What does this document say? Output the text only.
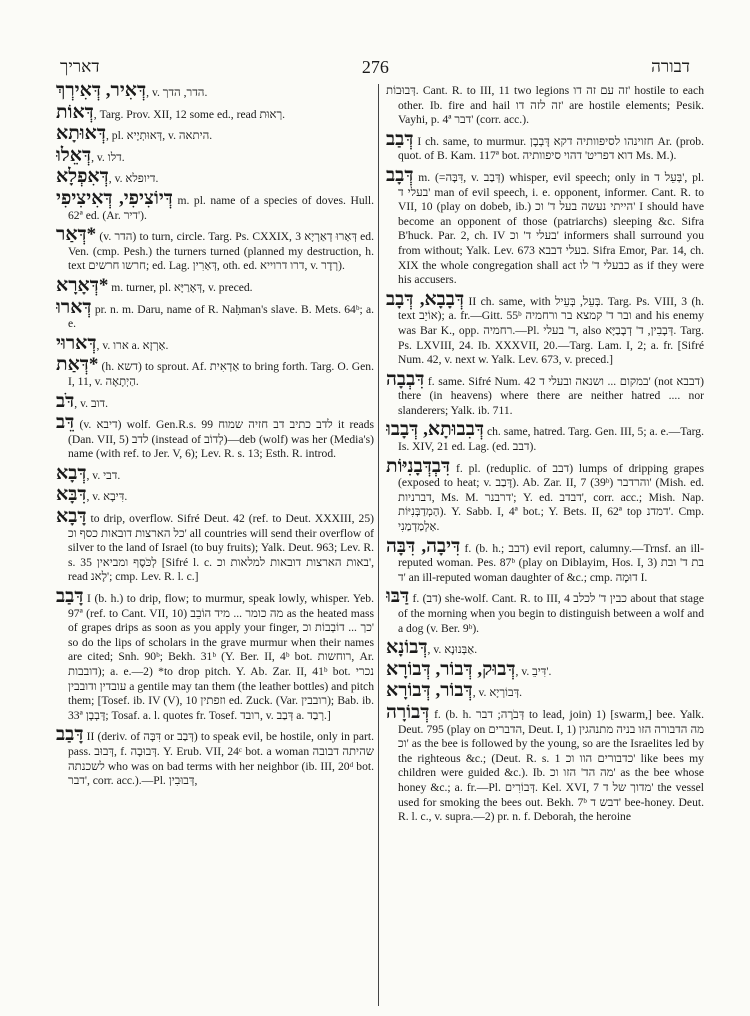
דאריך	276	דבורה

דְּאִיר, דְּאִירְךְ, v. הדר, הדך.

דְּאוֹת, Targ. Prov. XII, 12 some ed., read רְאוּת.

דְּאוּתָא, pl. דְּאוּתְיָיא, v. היתאה.

דְּאֵלוּ, v. דלו.

דְּאִפְלָא, v. דיופלא.

דְּיוֹצִיפִי, דְּאִיצִיפִי m. pl. name of a species of doves. Hull. 62ª ed. (Ar. דיר').

*דְּאַר (v. הדר) to turn, circle. Targ. Ps. CXXIX, 3 דְּאַרוּ דְאַרְיָא ed. Ven. (cmp. Pesh.) the turners turned (planned my destruction, h. text חרשו חרשים; ed. Lag. דְּאַרִין, oth. ed. דרו דרוייא, v. רְדָר).

*דְּאָרָא m. turner, pl. דְּאָרַיָּא, v. preced.

דְּארוּ pr. n. m. Daru, name of R. Naḥman's slave. B. Mets. 64ᵇ; a. e.

דְּארוּי, v. ארו a. אַרְזָא.

*דְּאַת (h. דשא) to sprout. Af. אַדְאִית to bring forth. Targ. O. Gen. I, 11, v. הַיְתָאָה.

דֹּב, v. דוב.

דֵּב (v. דיבא) wolf. Gen.R.s. 99 לדב כתיב דב חזיה שמוח it reads (Dan. VII, 5) לדב (instead of לְדוֹב)—deb (wolf) was her (Media's) name (with ref. to Jer. V, 6); Lev. R. s. 13; Esth. R. introd.

דְּבָא, v. דבי.

דִּבָּא, v. דִּיבָא.

דָּבָא to drip, overflow. Sifré Deut. 42 (ref. to Deut. XXXIII, 25) כל הארצות דובאות כסף וכ' all countries will send their overflow of silver to the land of Israel (to buy fruits); Yalk. Deut. 963; Lev. R. s. 35 לְכֹּסֶף ומביאין [Sifré l. c. באות הארצות דובאות למלאות וכ', read לָאנ'; cmp. Lev. R. l. c.]

דָּבַב I (b. h.) to drip, flow; to murmur, speak lowly, whisper. Yeb. 97ª (ref. to Cant. VII, 10) מה כומר ... מיד הוֹבֵב as the heated mass of grapes drips as soon as you apply your finger, כך ... דוֹבְבוֹת וכ' so do the lips of scholars in the grave murmur when their names are cited; Snh. 90ᵇ; Bekh. 31ᵇ (Y. Ber. II, 4ᵇ bot. רוחשות, Ar. דובבות); a. e.—2) *to drop pitch. Y. Ab. Zar. II, 41ᵇ bot. נכרי עובדין ודובבין a gentile may tan them (the leather bottles) and pitch them; [Tosef. ib. IV (V), 10 וזפתין ed. Zuck. (Var. רובבין); Bab. ib. 33ª דָּבְבָן; Tosaf. a. l. quotes fr. Tosef. רובד, v. דְּבַב a. רְבַד.]

דָּבַב II (deriv. of דִּבָּה or דְּבַב) to speak evil, be hostile, only in part. pass. דְּבוּב, f. דְּבוּבָה. Y. Erub. VII, 24ᶜ bot. a woman שהיתה דבובה לשכנתה who was on bad terms with her neighbor (ib. III, 20ᵈ bot. דבר', corr. acc.).—Pl. דְּבוּבִין,

דְּבוּבוֹת. Cant. R. to III, 11 two legions זה עם זה דו' hostile to each other. Ib. fire and hail זה לזה דו' are hostile elements; Pesik. Vayhi, p. 4ª דבר' (corr. acc.).

דְּבַב I ch. same, to murmur. חזוינהו לסיפוותיה דקא דָּבְבָן Ar. (prob. quot. of B. Kam. 117ª bot. דוא דפריט' דהוי סיפוותיה Ms. M.).

דְּבָב m. (=דִּבָּה, v. דְּבַב) whisper, evil speech; only in בְּעֵל ד', pl. בעלי ד' man of evil speech, i. e. opponent, informer. Cant. R. to VII, 10 (play on dobeb, ib.) הייתי נעשה בעל ד' וכ' I should have become an opponent of those (patriarchs) sleeping &c. Sifra B'huck. Par. 2, ch. IV בעלי ד' וכ' informers shall surround you from without; Yalk. Lev. 673 בעלי דבבא. Sifra Emor, Par. 14, ch. XIX the whole congregation shall act כבעלי ד' לו as if they were his accusers.

דְּבָבָא, דְּבָב II ch. same, with בְּעֵל, בְּעֵיל. Targ. Ps. VIII, 3 (h. text אוֹיֵב); a. fr.—Gitt. 55ᵇ ובר ד' קמצא בר ורחמיה and his enemy was Bar K., opp. רחמיה.—Pl. ד' בעלי, also דְּבָבִין, ד' דְבָבַיָּא. Targ. Ps. LXVIII, 24. Ib. XXXVII, 20.—Targ. Lam. I, 2; a. fr. [Sifré Num. 42, v. next w. Yalk. Lev. 673, v. preced.]

דִּבְבָה f. same. Sifré Num. 42 במקום ... ושנאה ובעלי ד' (not דבבא) there (in heavens) where there are neither hatred .... nor slanderers; Yalk. ib. 711.

דְּבִבוּתָא, דְּבָבוּ ch. same, hatred. Targ. Gen. III, 5; a. e.—Targ. Is. XIV, 21 ed. Lag. (ed. דבב).

דִּבְדְּבָנִיּוֹת f. pl. (reduplic. of דבב) lumps of dripping grapes (exposed to heat; v. דָּבַב). Ab. Zar. II, 7 (39ᵇ) והרדבר' (Mish. ed. דברניות, Ms. M. דרבנר'; Y. ed. דבדב', corr. acc.; Mish. Nap. הַמְדַבְּנִיּוֹת). Y. Sabb. I, 4ª bot.; Y. Bets. II, 62ª top דמדנ'. Cmp. אַלְמַדְמַנִי.

דִּיבָה, דִּבָּה f. (b. h.; דבב) evil report, calumny.—Trnsf. an ill-reputed woman. Pes. 87ᵇ (play on Diblayim, Hos. I, 3) בת ד' ובת ד' an ill-reputed woman daughter of &c.; cmp. דוּמָה I.

דַּבּוּ f. (דב) she-wolf. Cant. R. to III, 4 כבין ד' לכלב about that stage of the morning when you begin to distinguish between a wolf and a dog (v. Ber. 9ᵇ).

דְּבוֹנָא, v. אַבְּנוּנָא.

דְּבוּק, דְּבוֹר, דְּבוֹרָא, v. דִּיבֵ'.

דְּבוֹר, דְּבוֹרָא, v. דְּבוֹרְיָא.

דְּבוֹרָה f. (b. h. דְּבֹרָה; דבר to lead, join) 1) [swarm,] bee. Yalk. Deut. 795 (play on הדברים, Deut. I, 1) מה הדבורה הזו בניה מתנהגין וכ' as the bee is followed by the young, so are the Israelites led by the righteous &c.; (Deut. R. s. 1 כדבורים הוו וכ' like bees my children were guided &c.). Ib. מה הד' הזו וכ' as the bee whose honey &c.; a. fr.—Pl. דְּבוֹרִים. Kel. XVI, 7 מדוך של ד' the vessel used for smoking the bees out. Bekh. 7ᵇ דבש ד' bee-honey. Deut. R. l. c., v. supra.—2) pr. n. f. Deborah, the heroine
